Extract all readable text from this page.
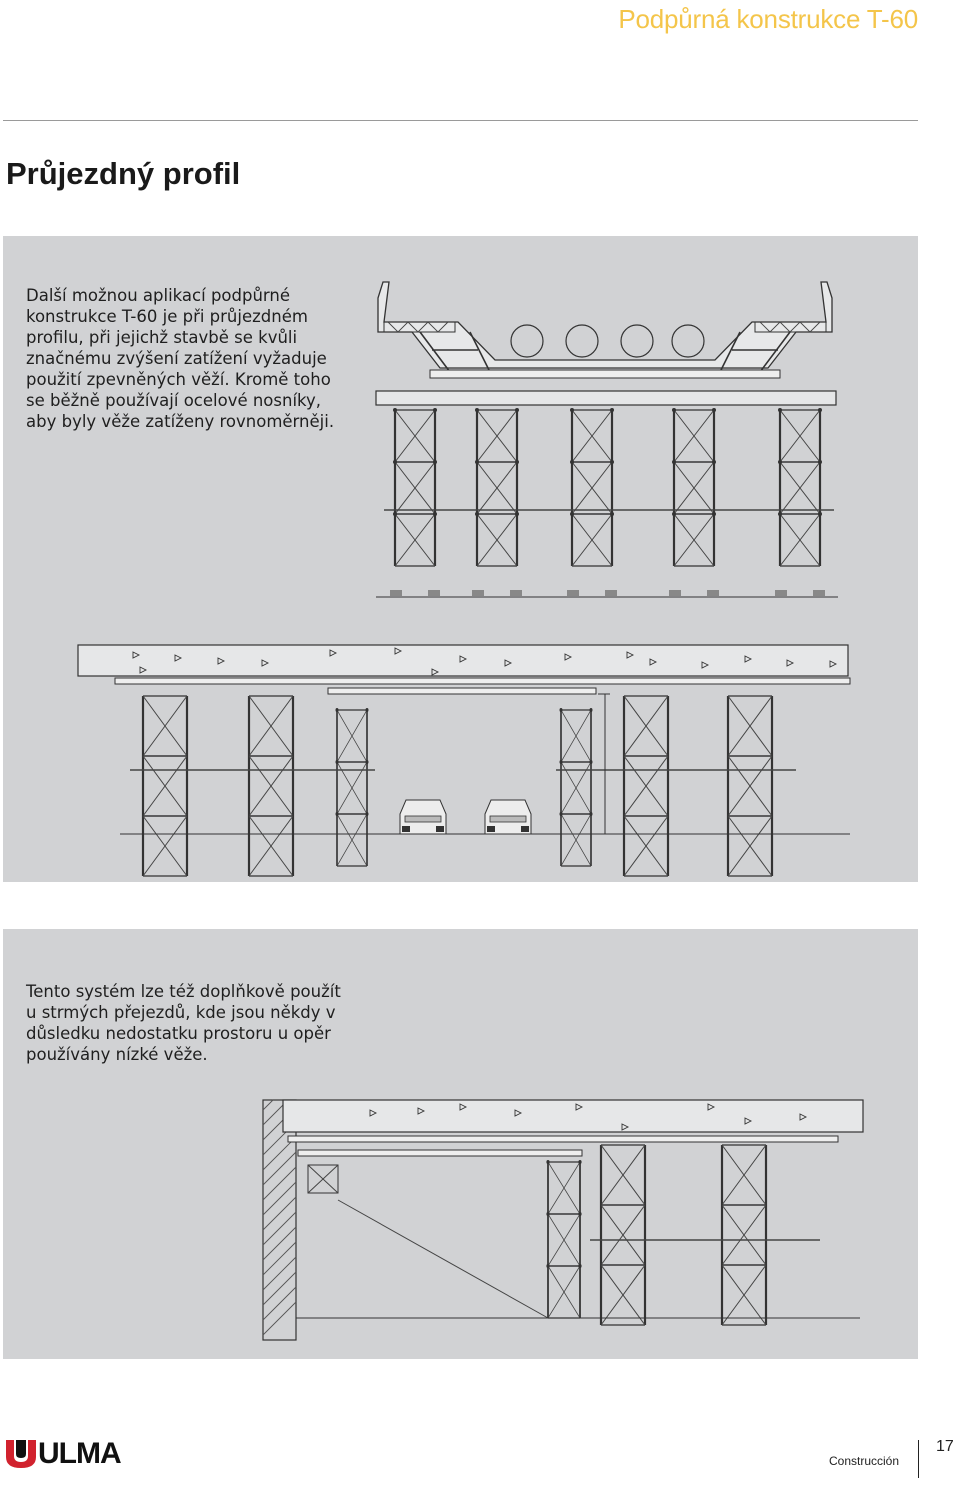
Podpůrná konstrukce T-60
Průjezdný profil
Další možnou aplikací podpůrné
konstrukce T-60 je při průjezdném
profilu, při jejichž stavbě se kvůli
značnému zvýšení zatížení vyžaduje
použití zpevněných věží. Kromě toho
se běžně používají ocelové nosníky,
aby byly věže zatíženy rovnoměrněji.
Tento systém lze též doplňkově použít
u strmých přejezdů, kde jsou někdy v
důsledku nedostatku prostoru u opěr
používány nízké věže.
ULMA	Construcción
17
